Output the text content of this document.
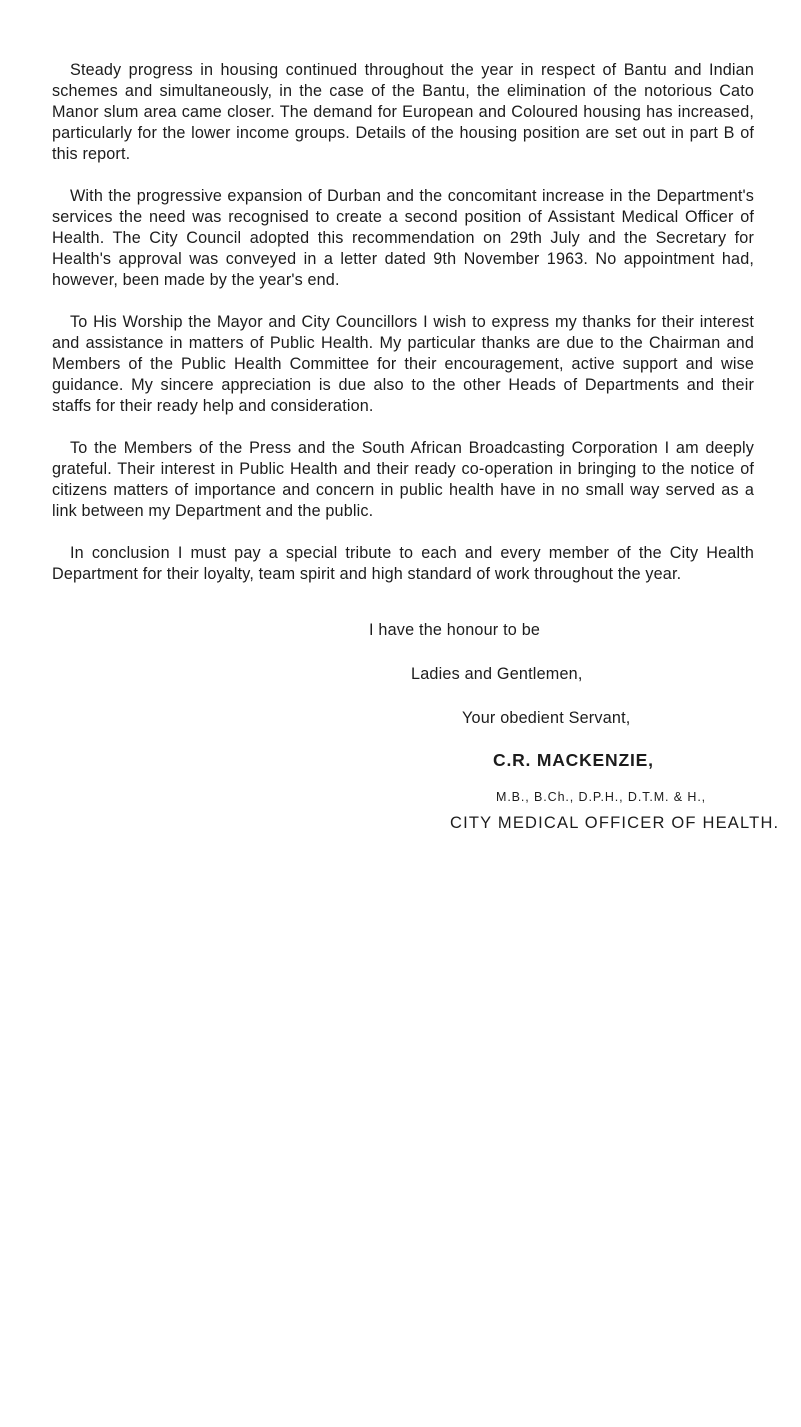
Steady progress in housing continued throughout the year in respect of Bantu and Indian schemes and simultaneously, in the case of the Bantu, the elimination of the notorious Cato Manor slum area came closer. The demand for European and Coloured housing has increased, particularly for the lower income groups. Details of the housing position are set out in part B of this report.

With the progressive expansion of Durban and the concomitant increase in the Department's services the need was recognised to create a second position of Assistant Medical Officer of Health. The City Council adopted this recommendation on 29th July and the Secretary for Health's approval was conveyed in a letter dated 9th November 1963. No appointment had, however, been made by the year's end.

To His Worship the Mayor and City Councillors I wish to express my thanks for their interest and assistance in matters of Public Health. My particular thanks are due to the Chairman and Members of the Public Health Committee for their encouragement, active support and wise guidance. My sincere appreciation is due also to the other Heads of Departments and their staffs for their ready help and consideration.

To the Members of the Press and the South African Broadcasting Corporation I am deeply grateful. Their interest in Public Health and their ready co-operation in bringing to the notice of citizens matters of importance and concern in public health have in no small way served as a link between my Department and the public.

In conclusion I must pay a special tribute to each and every member of the City Health Department for their loyalty, team spirit and high standard of work throughout the year.

I have the honour to be
Ladies and Gentlemen,
Your obedient Servant,
C.R. MACKENZIE,
M.B., B.Ch., D.P.H., D.T.M. & H.,
CITY MEDICAL OFFICER OF HEALTH.
